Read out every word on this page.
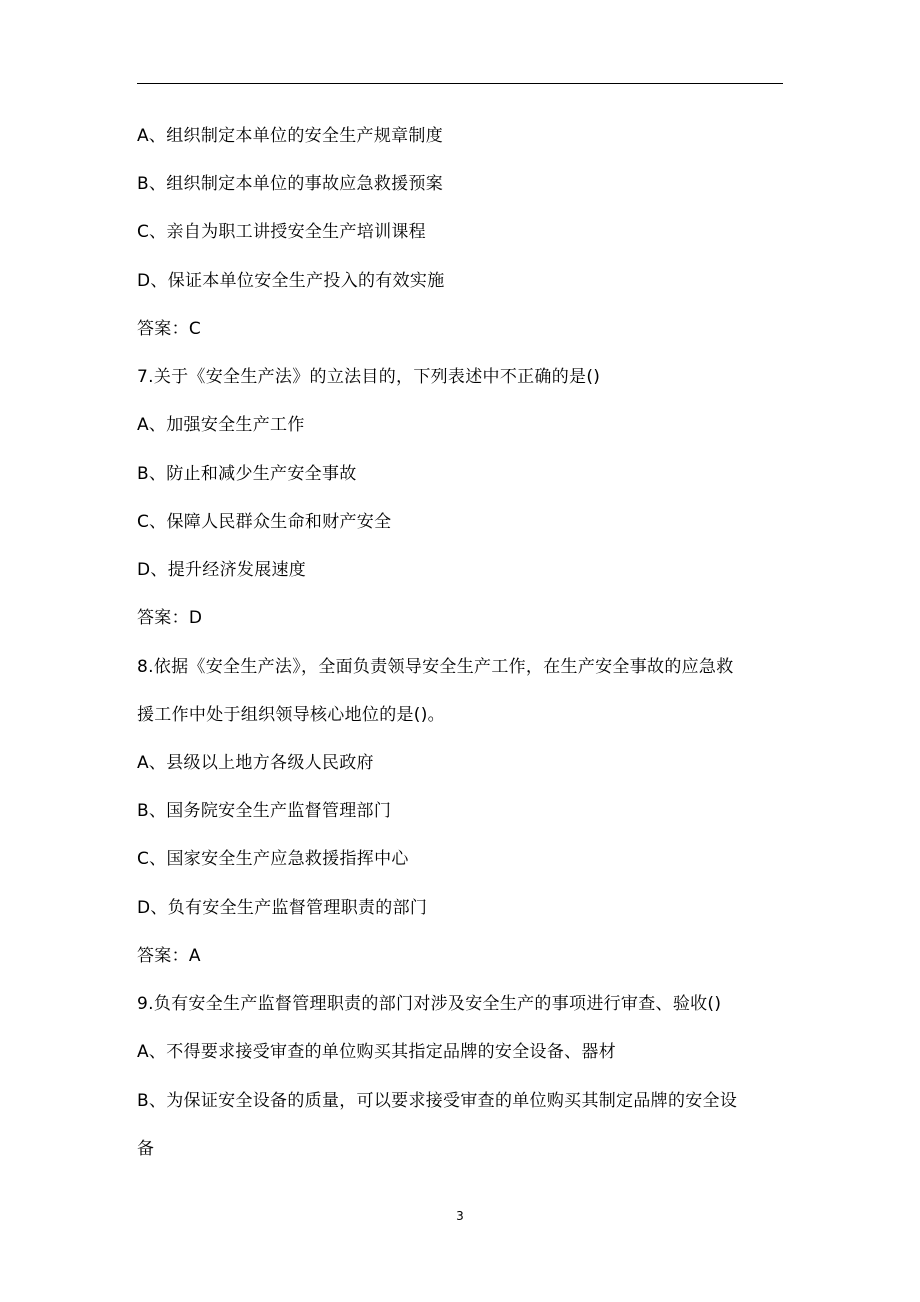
A、组织制定本单位的安全生产规章制度
B、组织制定本单位的事故应急救援预案
C、亲自为职工讲授安全生产培训课程
D、保证本单位安全生产投入的有效实施
答案：C
7.关于《安全生产法》的立法目的，下列表述中不正确的是()
A、加强安全生产工作
B、防止和减少生产安全事故
C、保障人民群众生命和财产安全
D、提升经济发展速度
答案：D
8.依据《安全生产法》，全面负责领导安全生产工作，在生产安全事故的应急救
援工作中处于组织领导核心地位的是()。
A、县级以上地方各级人民政府
B、国务院安全生产监督管理部门
C、国家安全生产应急救援指挥中心
D、负有安全生产监督管理职责的部门
答案：A
9.负有安全生产监督管理职责的部门对涉及安全生产的事项进行审查、验收()
A、不得要求接受审查的单位购买其指定品牌的安全设备、器材
B、为保证安全设备的质量，可以要求接受审查的单位购买其制定品牌的安全设
备
3
